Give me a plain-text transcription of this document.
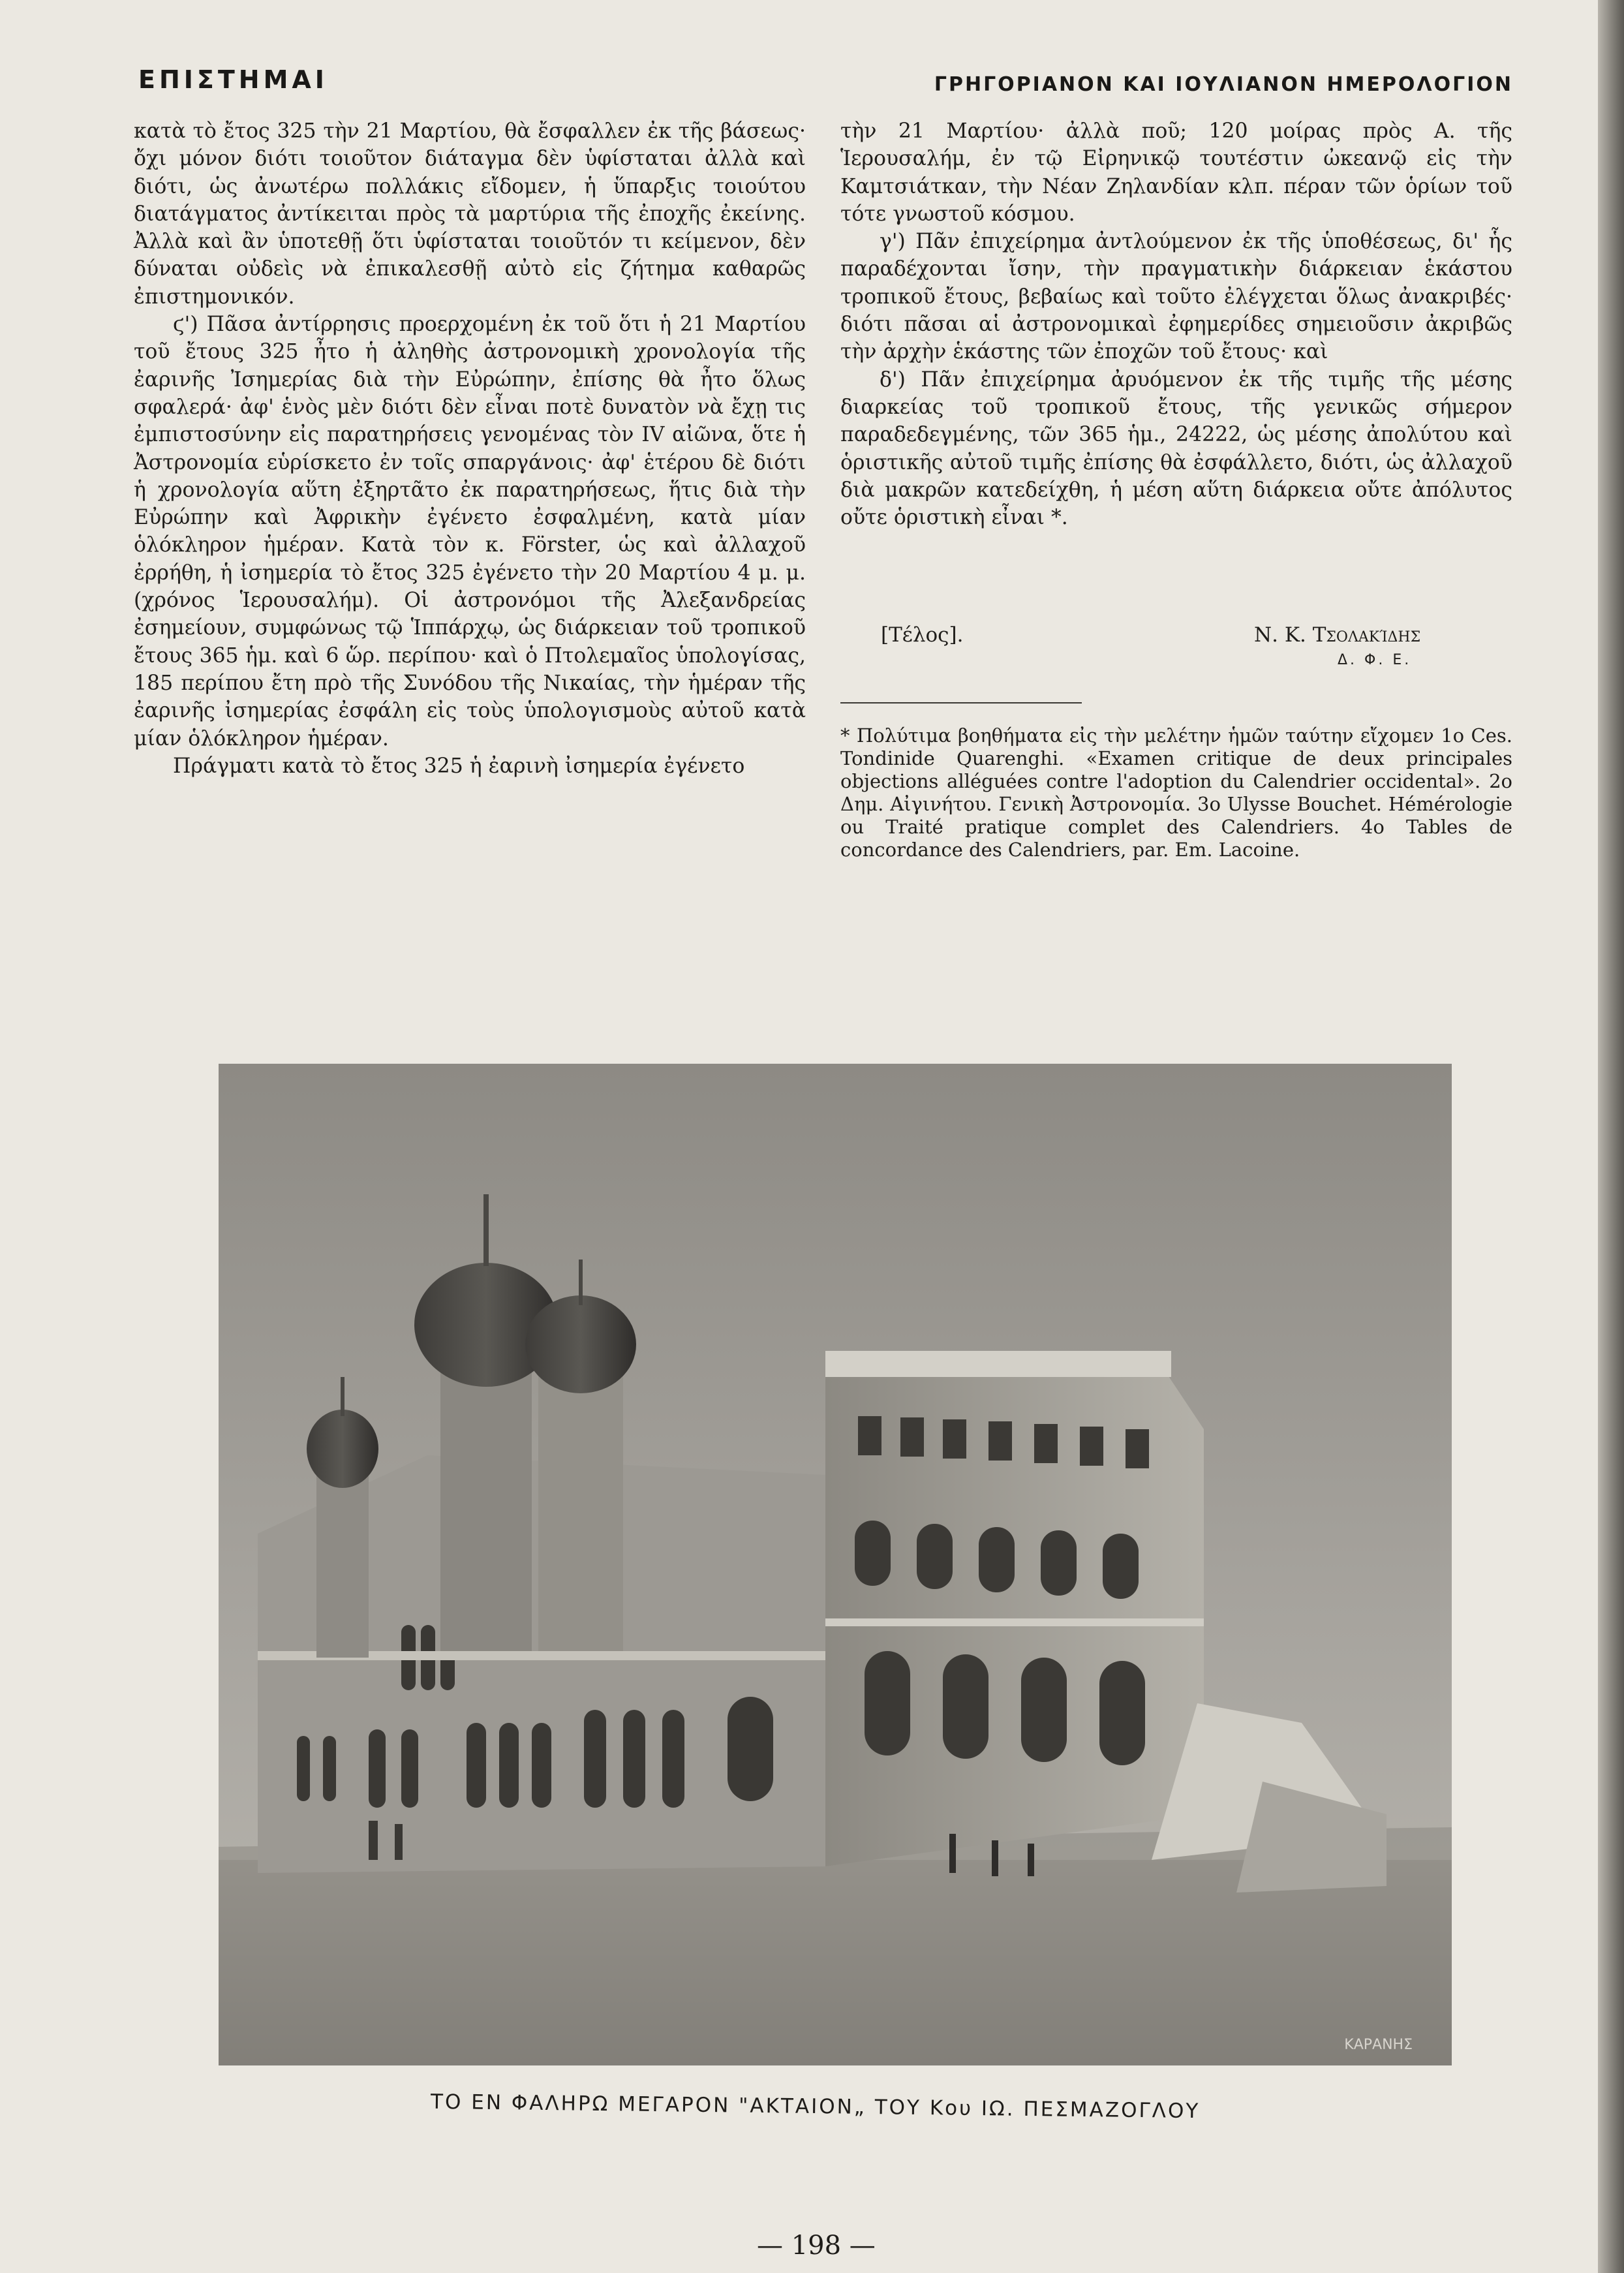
ΕΠΙΣΤΗΜΑΙ	ΓΡΗΓΟΡΙΑΝΟΝ ΚΑΙ ΙΟΥΛΙΑΝΟΝ ΗΜΕΡΟΛΟΓΙΟΝ

κατὰ τὸ ἔτος 325 τὴν 21 Μαρτίου, θὰ ἔσφαλλεν ἐκ τῆς βάσεως· ὄχι μόνον διότι τοιοῦτον διάταγμα δὲν ὑφίσταται ἀλλὰ καὶ διότι, ὡς ἀνωτέρω πολλάκις εἴδομεν, ἡ ὕπαρξις τοιούτου διατάγματος ἀντίκειται πρὸς τὰ μαρτύρια τῆς ἐποχῆς ἐκείνης. Ἀλλὰ καὶ ἂν ὑποτεθῇ ὅτι ὑφίσταται τοιοῦτόν τι κείμενον, δὲν δύναται οὐδεὶς νὰ ἐπικαλεσθῇ αὐτὸ εἰς ζήτημα καθαρῶς ἐπιστημονικόν.

ϛ') Πᾶσα ἀντίρρησις προερχομένη ἐκ τοῦ ὅτι ἡ 21 Μαρτίου τοῦ ἔτους 325 ἦτο ἡ ἀληθὴς ἀστρονομικὴ χρονολογία τῆς ἐαρινῆς Ἰσημερίας διὰ τὴν Εὐρώπην, ἐπίσης θὰ ἦτο ὅλως σφαλερά· ἀφ' ἑνὸς μὲν διότι δὲν εἶναι ποτὲ δυνατὸν νὰ ἔχῃ τις ἐμπιστοσύνην εἰς παρατηρήσεις γενομένας τὸν IV αἰῶνα, ὅτε ἡ Ἀστρονομία εὑρίσκετο ἐν τοῖς σπαργάνοις· ἀφ' ἑτέρου δὲ διότι ἡ χρονολογία αὕτη ἐξηρτᾶτο ἐκ παρατηρήσεως, ἥτις διὰ τὴν Εὐρώπην καὶ Ἀφρικὴν ἐγένετο ἐσφαλμένη, κατὰ μίαν ὁλόκληρον ἡμέραν. Κατὰ τὸν κ. Förster, ὡς καὶ ἀλλαχοῦ ἐρρήθη, ἡ ἰσημερία τὸ ἔτος 325 ἐγένετο τὴν 20 Μαρτίου 4 μ. μ. (χρόνος Ἱερουσαλήμ). Οἱ ἀστρονόμοι τῆς Ἀλεξανδρείας ἐσημείουν, συμφώνως τῷ Ἱππάρχῳ, ὡς διάρκειαν τοῦ τροπικοῦ ἔτους 365 ἡμ. καὶ 6 ὥρ. περίπου· καὶ ὁ Πτολεμαῖος ὑπολογίσας, 185 περίπου ἔτη πρὸ τῆς Συνόδου τῆς Νικαίας, τὴν ἡμέραν τῆς ἐαρινῆς ἰσημερίας ἐσφάλη εἰς τοὺς ὑπολογισμοὺς αὐτοῦ κατὰ μίαν ὁλόκληρον ἡμέραν.

Πράγματι κατὰ τὸ ἔτος 325 ἡ ἐαρινὴ ἰσημερία ἐγένετο

τὴν 21 Μαρτίου· ἀλλὰ ποῦ; 120 μοίρας πρὸς Α. τῆς Ἱερουσαλήμ, ἐν τῷ Εἰρηνικῷ τουτέστιν ὠκεανῷ εἰς τὴν Καμτσιάτκαν, τὴν Νέαν Ζηλανδίαν κλπ. πέραν τῶν ὁρίων τοῦ τότε γνωστοῦ κόσμου.

γ') Πᾶν ἐπιχείρημα ἀντλούμενον ἐκ τῆς ὑποθέσεως, δι' ἧς παραδέχονται ἴσην, τὴν πραγματικὴν διάρκειαν ἑκάστου τροπικοῦ ἔτους, βεβαίως καὶ τοῦτο ἐλέγχεται ὅλως ἀνακριβές· διότι πᾶσαι αἱ ἀστρονομικαὶ ἐφημερίδες σημειοῦσιν ἀκριβῶς τὴν ἀρχὴν ἑκάστης τῶν ἐποχῶν τοῦ ἔτους· καὶ

δ') Πᾶν ἐπιχείρημα ἀρυόμενον ἐκ τῆς τιμῆς τῆς μέσης διαρκείας τοῦ τροπικοῦ ἔτους, τῆς γενικῶς σήμερον παραδεδεγμένης, τῶν 365 ἡμ., 24222, ὡς μέσης ἀπολύτου καὶ ὁριστικῆς αὐτοῦ τιμῆς ἐπίσης θὰ ἐσφάλλετο, διότι, ὡς ἀλλαχοῦ διὰ μακρῶν κατεδείχθη, ἡ μέση αὕτη διάρκεια οὔτε ἀπόλυτος οὔτε ὁριστικὴ εἶναι *.

[Τέλος].	Ν. Κ. Τσολακίδης
Δ. Φ. Ε.
* Πολύτιμα βοηθήματα εἰς τὴν μελέτην ἡμῶν ταύτην εἴχομεν 1ο Ces. Tondinide Quarenghi. «Examen critique de deux principales objections alléguées contre l'adoption du Calendrier occidental». 2ο Δημ. Αἰγινήτου. Γενικὴ Ἀστρονομία. 3ο Ulysse Bouchet. Hémérologie ou Traité pratique complet des Calendriers. 4ο Tables de concordance des Calendriers, par. Em. Lacoine.
ΚΑΡΑΝΗΣ
ΤΟ ΕΝ ΦΑΛΗΡΩ ΜΕΓΑΡΟΝ "ΑΚΤΑΙΟΝ„ ΤΟΥ Κου ΙΩ. ΠΕΣΜΑΖΟΓΛΟΥ
— 198 —
